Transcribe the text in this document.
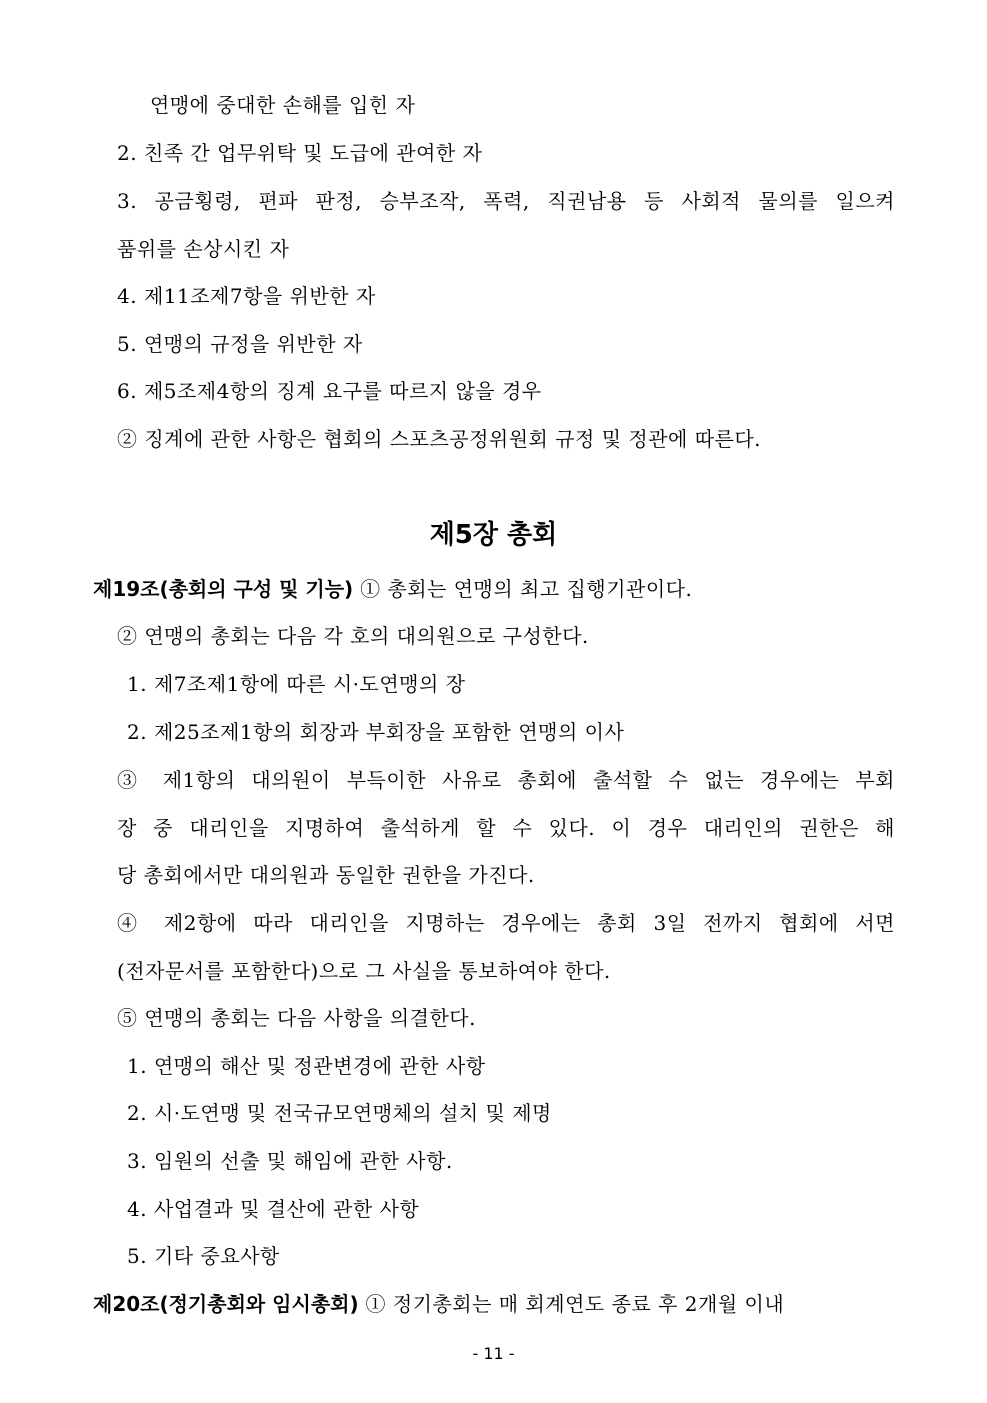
연맹에 중대한 손해를 입힌 자
2. 친족 간 업무위탁 및 도급에 관여한 자
3. 공금횡령, 편파 판정, 승부조작, 폭력, 직권남용 등 사회적 물의를 일으켜
품위를 손상시킨 자
4. 제11조제7항을 위반한 자
5. 연맹의 규정을 위반한 자
6. 제5조제4항의 징계 요구를 따르지 않을 경우
② 징계에 관한 사항은 협회의 스포츠공정위원회 규정 및 정관에 따른다.
제5장 총회
제19조(총회의 구성 및 기능) ① 총회는 연맹의 최고 집행기관이다.
② 연맹의 총회는 다음 각 호의 대의원으로 구성한다.
1. 제7조제1항에 따른 시·도연맹의 장
2. 제25조제1항의 회장과 부회장을 포함한 연맹의 이사
③ 제1항의 대의원이 부득이한 사유로 총회에 출석할 수 없는 경우에는 부회
장 중 대리인을 지명하여 출석하게 할 수 있다. 이 경우 대리인의 권한은 해
당 총회에서만 대의원과 동일한 권한을 가진다.
④ 제2항에 따라 대리인을 지명하는 경우에는 총회 3일 전까지 협회에 서면
(전자문서를 포함한다)으로 그 사실을 통보하여야 한다.
⑤ 연맹의 총회는 다음 사항을 의결한다.
1. 연맹의 해산 및 정관변경에 관한 사항
2. 시·도연맹 및 전국규모연맹체의 설치 및 제명
3. 임원의 선출 및 해임에 관한 사항.
4. 사업결과 및 결산에 관한 사항
5. 기타 중요사항
제20조(정기총회와 임시총회) ① 정기총회는 매 회계연도 종료 후 2개월 이내
- 11 -
